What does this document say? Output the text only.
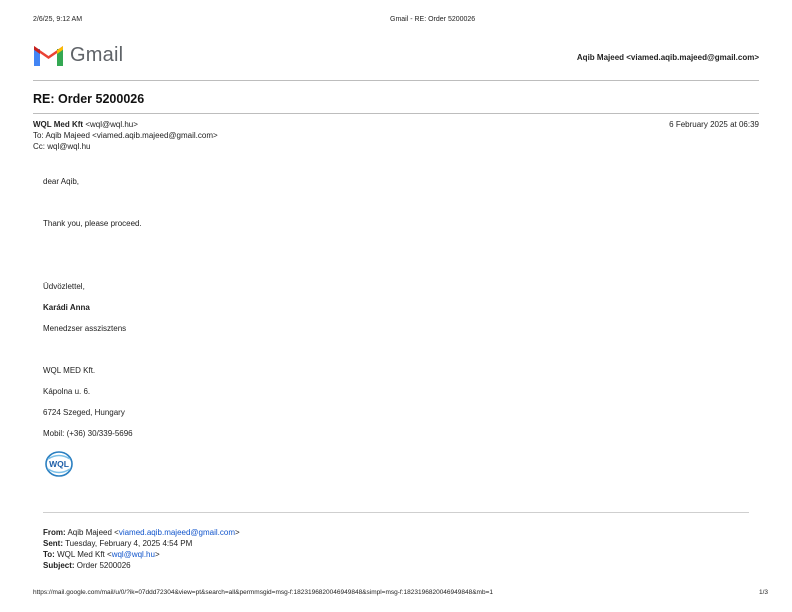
2/6/25, 9:12 AM	Gmail - RE: Order 5200026
Gmail	Aqib Majeed <viamed.aqib.majeed@gmail.com>
RE: Order 5200026
WQL Med Kft <wql@wql.hu>	6 February 2025 at 06:39
To: Aqib Majeed <viamed.aqib.majeed@gmail.com>
Cc: wql@wql.hu
dear Aqib,
Thank you, please proceed.
Üdvözlettel,
Karádi Anna
Menedzser asszisztens
WQL MED Kft.
Kápolna u. 6.
6724 Szeged, Hungary
Mobil: (+36) 30/339-5696
WQL
From: Aqib Majeed <viamed.aqib.majeed@gmail.com>
Sent: Tuesday, February 4, 2025 4:54 PM
To: WQL Med Kft <wql@wql.hu>
Subject: Order 5200026
https://mail.google.com/mail/u/0/?ik=07ddd72304&view=pt&search=all&permmsgid=msg-f:1823196820046949848&simpl=msg-f:1823196820046949848&mb=1	1/3
